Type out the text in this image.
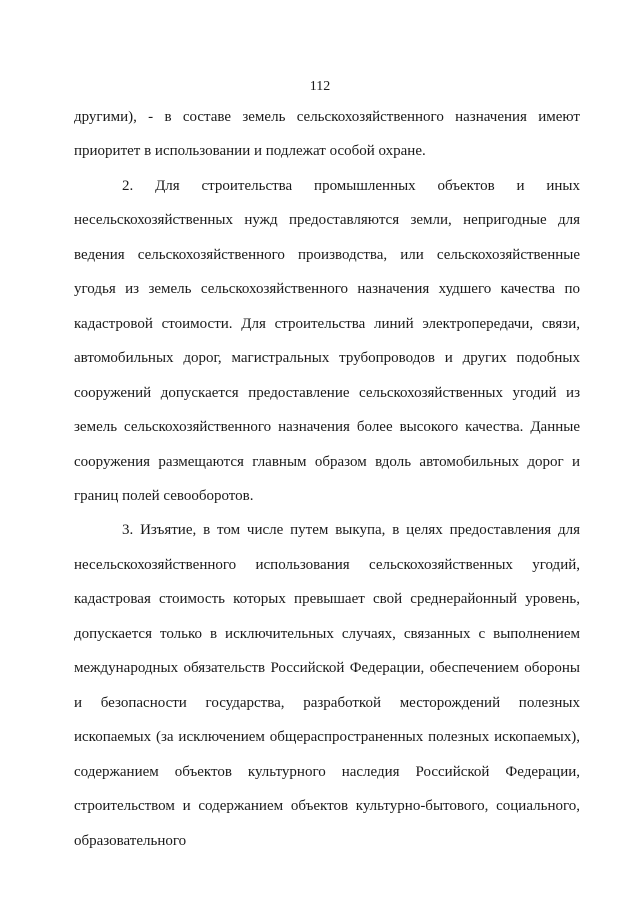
112

другими), - в составе земель сельскохозяйственного назначения имеют приоритет в использовании и подлежат особой охране.

2. Для строительства промышленных объектов и иных несельскохозяйственных нужд предоставляются земли, непригодные для ведения сельскохозяйственного производства, или сельскохозяйственные угодья из земель сельскохозяйственного назначения худшего качества по кадастровой стоимости. Для строительства линий электропередачи, связи, автомобильных дорог, магистральных трубопроводов и других подобных сооружений допускается предоставление сельскохозяйственных угодий из земель сельскохозяйственного назначения более высокого качества. Данные сооружения размещаются главным образом вдоль автомобильных дорог и границ полей севооборотов.

3. Изъятие, в том числе путем выкупа, в целях предоставления для несельскохозяйственного использования сельскохозяйственных угодий, кадастровая стоимость которых превышает свой среднерайонный уровень, допускается только в исключительных случаях, связанных с выполнением международных обязательств Российской Федерации, обеспечением обороны и безопасности государства, разработкой месторождений полезных ископаемых (за исключением общераспространенных полезных ископаемых), содержанием объектов культурного наследия Российской Федерации, строительством и содержанием объектов культурно-бытового, социального, образовательного
